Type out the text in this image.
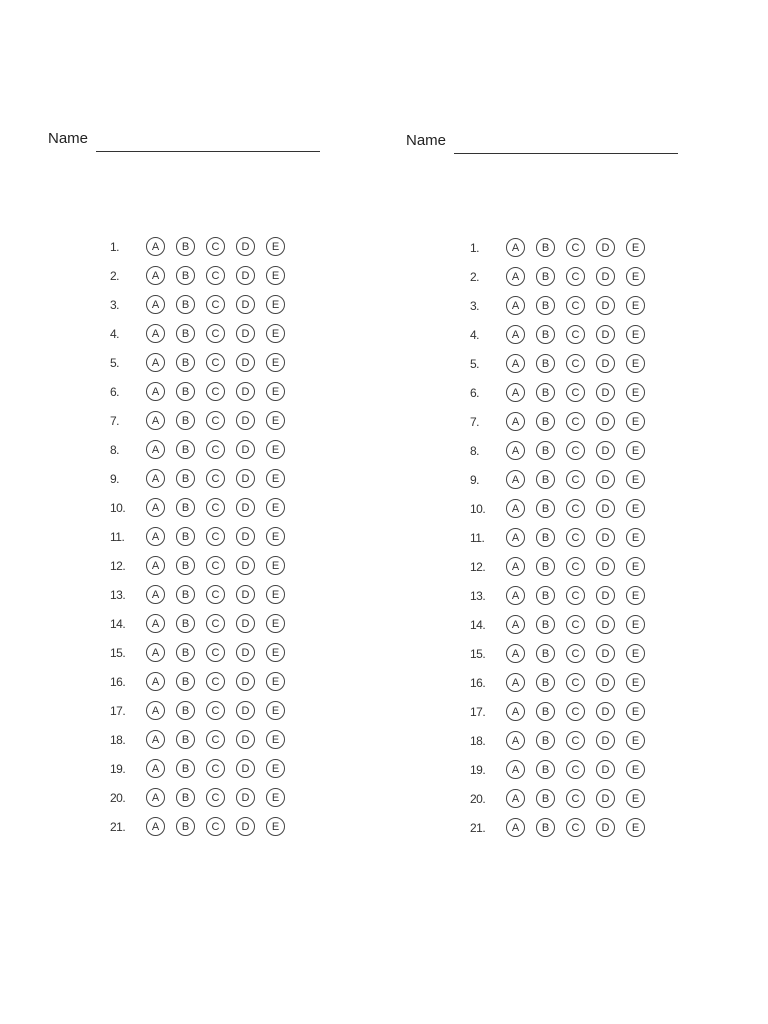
Name
1.	A	B	C	D	E
2.	A	B	C	D	E
3.	A	B	C	D	E
4.	A	B	C	D	E
5.	A	B	C	D	E
6.	A	B	C	D	E
7.	A	B	C	D	E
8.	A	B	C	D	E
9.	A	B	C	D	E
10.	A	B	C	D	E
11.	A	B	C	D	E
12.	A	B	C	D	E
13.	A	B	C	D	E
14.	A	B	C	D	E
15.	A	B	C	D	E
16.	A	B	C	D	E
17.	A	B	C	D	E
18.	A	B	C	D	E
19.	A	B	C	D	E
20.	A	B	C	D	E
21.	A	B	C	D	E
Name
1.	A	B	C	D	E
2.	A	B	C	D	E
3.	A	B	C	D	E
4.	A	B	C	D	E
5.	A	B	C	D	E
6.	A	B	C	D	E
7.	A	B	C	D	E
8.	A	B	C	D	E
9.	A	B	C	D	E
10.	A	B	C	D	E
11.	A	B	C	D	E
12.	A	B	C	D	E
13.	A	B	C	D	E
14.	A	B	C	D	E
15.	A	B	C	D	E
16.	A	B	C	D	E
17.	A	B	C	D	E
18.	A	B	C	D	E
19.	A	B	C	D	E
20.	A	B	C	D	E
21.	A	B	C	D	E
